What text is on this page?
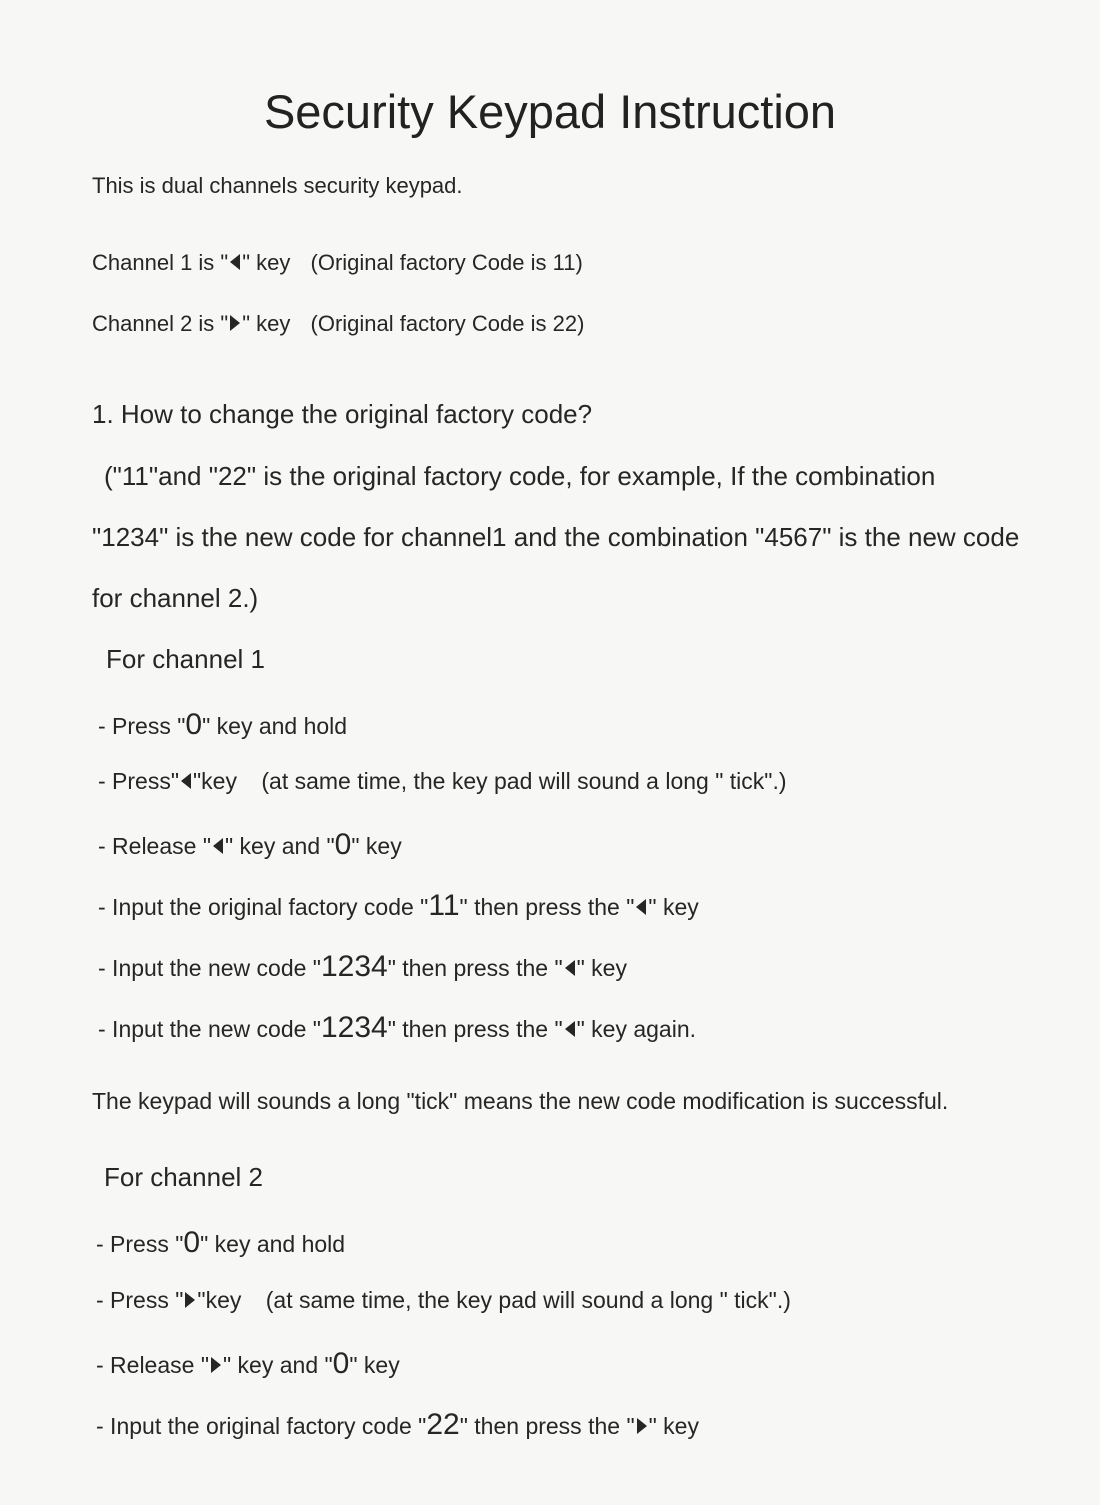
Security Keypad Instruction
This is dual channels security keypad.
Channel 1 is " " key (Original factory Code is 11)
Channel 2 is " " key (Original factory Code is 22)
1. How to change the original factory code?
("11"and "22" is the original factory code, for example, If the combination
"1234" is the new code for channel1 and the combination "4567" is the new code
for channel 2.)
For channel 1
- Press "0" key and hold
- Press" "key (at same time, the key pad will sound a long " tick".)
- Release " " key and "0" key
- Input the original factory code "11" then press the " " key
- Input the new code "1234" then press the " " key
- Input the new code "1234" then press the " " key again.
The keypad will sounds a long "tick" means the new code modification is successful.
For channel 2
- Press "0" key and hold
- Press " "key (at same time, the key pad will sound a long " tick".)
- Release " " key and "0" key
- Input the original factory code "22" then press the " " key
